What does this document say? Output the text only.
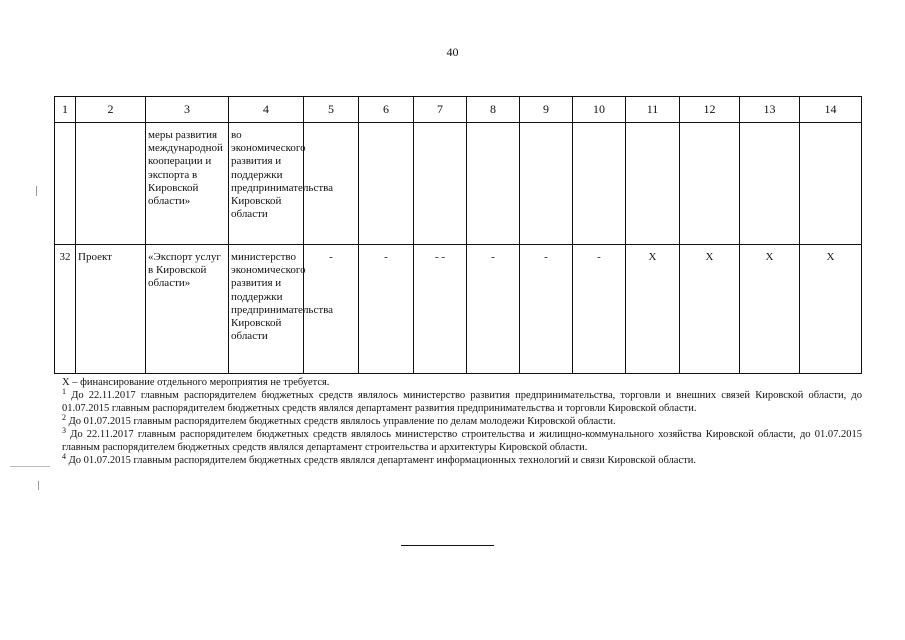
40
1	2	3	4	5	6	7	8	9	10	11	12	13	14
		меры развития международной кооперации и экспорта в Кировской области»	во экономического развития и поддержки предпринимательства Кировской области										
32	Проект	«Экспорт услуг в Кировской области»	министерство экономического развития и поддержки предпринимательства Кировской области	-	-	- -	-	-	-	X	X	X	X

X – финансирование отдельного мероприятия не требуется.

$^1$ До 22.11.2017 главным распорядителем бюджетных средств являлось министерство развития предпринимательства, торговли и внешних связей Кировской области, до 01.07.2015 главным распорядителем бюджетных средств являлся департамент развития предпринимательства и торговли Кировской области.

$^2$ До 01.07.2015 главным распорядителем бюджетных средств являлось управление по делам молодежи Кировской области.

$^3$ До 22.11.2017 главным распорядителем бюджетных средств являлось министерство строительства и жилищно-коммунального хозяйства Кировской области, до 01.07.2015 главным распорядителем бюджетных средств являлся департамент строительства и архитектуры Кировской области.

$^4$ До 01.07.2015 главным распорядителем бюджетных средств являлся департамент информационных технологий и связи Кировской области.
